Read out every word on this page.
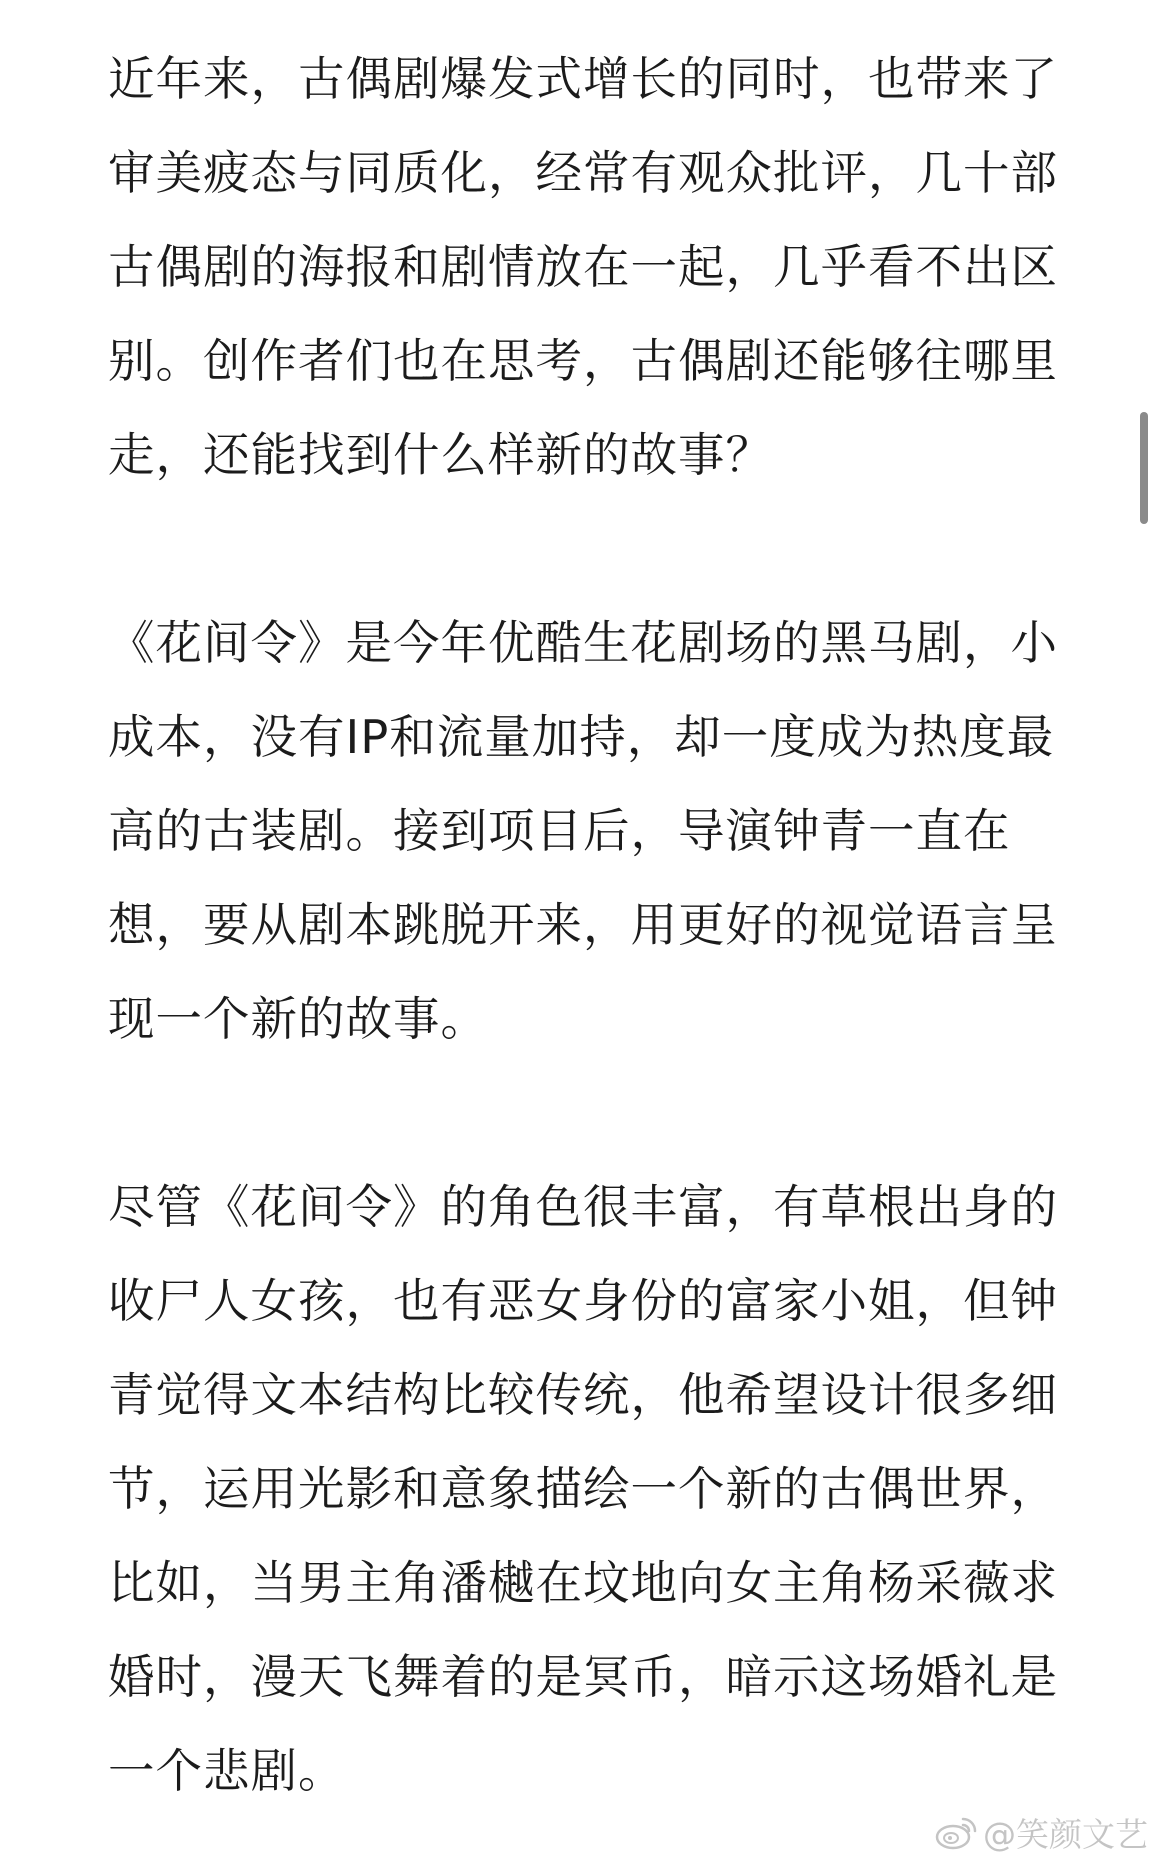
近年来，古偶剧爆发式增长的同时，也带来了
审美疲态与同质化，经常有观众批评，几十部
古偶剧的海报和剧情放在一起，几乎看不出区
别。创作者们也在思考，古偶剧还能够往哪里
走，还能找到什么样新的故事？

《花间令》是今年优酷生花剧场的黑马剧，小
成本，没有IP和流量加持，却一度成为热度最
高的古装剧。接到项目后，导演钟青一直在
想，要从剧本跳脱开来，用更好的视觉语言呈
现一个新的故事。

尽管《花间令》的角色很丰富，有草根出身的
收尸人女孩，也有恶女身份的富家小姐，但钟
青觉得文本结构比较传统，他希望设计很多细
节，运用光影和意象描绘一个新的古偶世界，
比如，当男主角潘樾在坟地向女主角杨采薇求
婚时，漫天飞舞着的是冥币，暗示这场婚礼是
一个悲剧。

@笑颜文艺
